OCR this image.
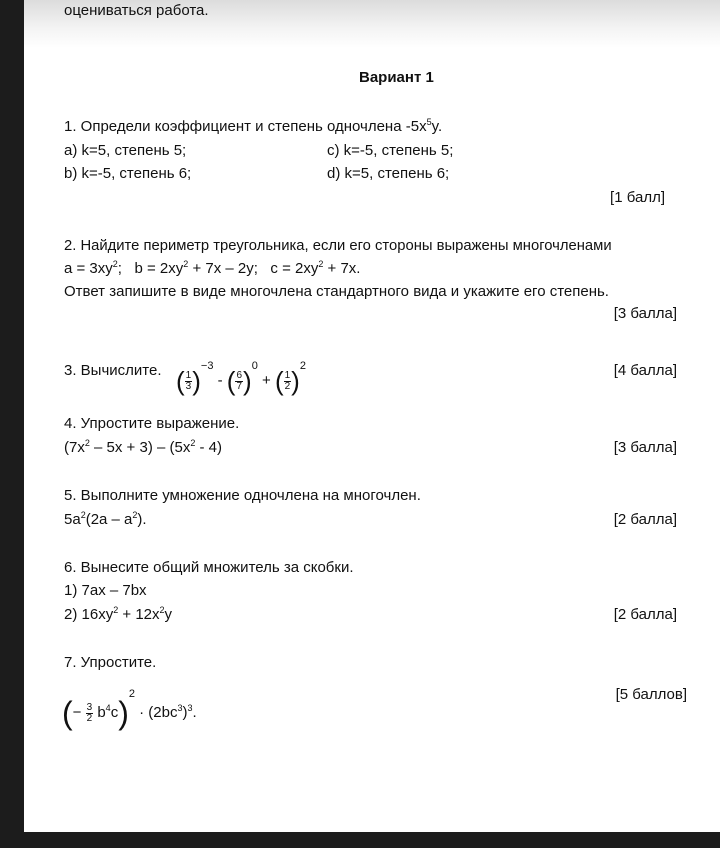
оцениваться работа.
Вариант 1
1. Определи коэффициент и степень одночлена $-5x^5y$.
a) k=5, степень 5;	c) k=-5, степень 5;
b) k=-5, степень 6;	d) k=5, степень 6;
[1 балл]
2. Найдите периметр треугольника, если его стороны выражены многочленами
$a = 3xy^2$; $b = 2xy^2 + 7x - 2y$; $c = 2xy^2 + 7x$.
Ответ запишите в виде многочлена стандартного вида и укажите его степень.
[3 балла]
3. Вычислите. ( $\frac{1}{3} )^{-3}$ - ( $\frac{6}{7} )^0$ + ( $\frac{1}{2} )^2$	[4 балла]
4. Упростите выражение.
$(7x^2 - 5x + 3) - (5x^2 - 4)$	[3 балла]
5. Выполните умножение одночлена на многочлен.
$5a^2(2a - a^2)$.	[2 балла]
6. Вынесите общий множитель за скобки.
1) 7ax – 7bx
2) $16xy^2 + 12x^2y$	[2 балла]
7. Упростите.
(− $\frac{3}{2} b^4c)^2 \cdot (2bc^3)^3$.
[5 баллов]
